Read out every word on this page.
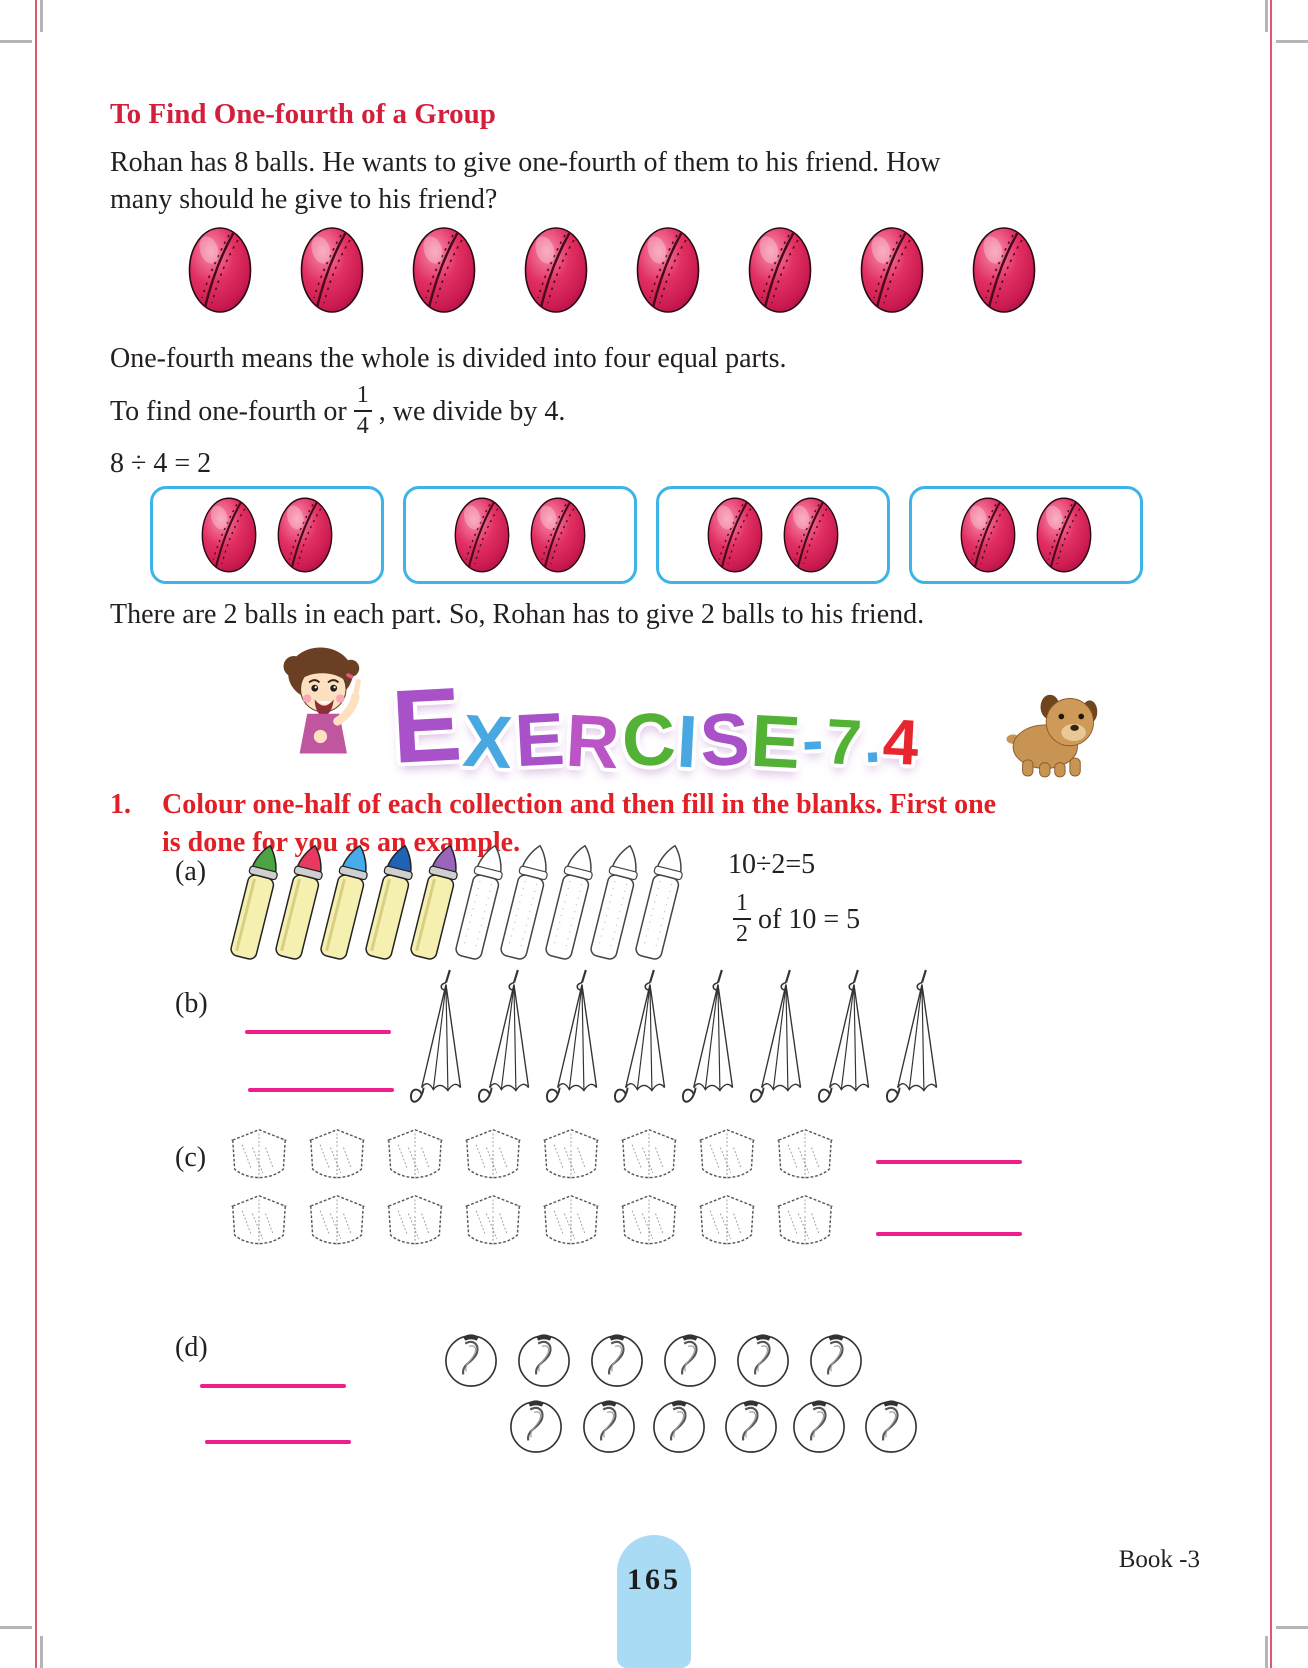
To Find One-fourth of a Group
Rohan has 8 balls. He wants to give one-fourth of them to his friend. How
many should he give to his friend?
One-fourth means the whole is divided into four equal parts.
To find one-fourth or $\frac{1}{4}$ , we divide by 4.
8 ÷ 4 = 2
There are 2 balls in each part. So, Rohan has to give 2 balls to his friend.
E
X
E
R
C
I
S
E
-
7
.
4
1. Colour one-half of each collection and then fill in the blanks. First one
is done for you as an example.
(a)	10÷2=5
$\frac{1}{2}$ of 10 = 5
(b)
(c)
(d)
165
Book -3
